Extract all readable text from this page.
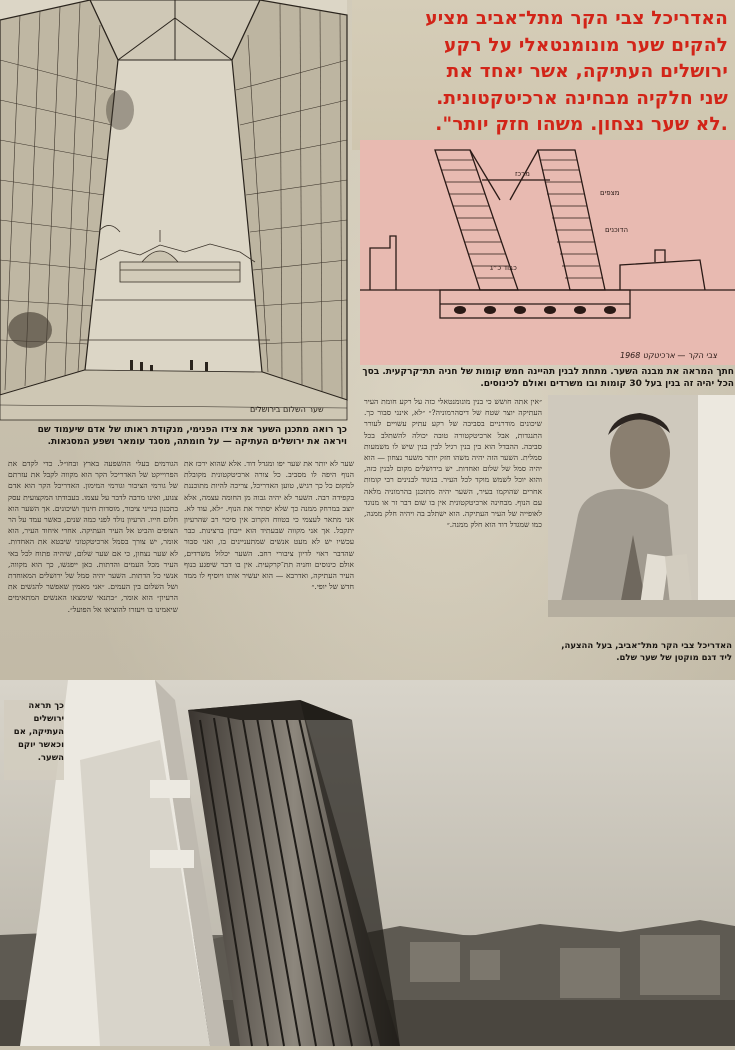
שער השלום בירושלים
האדריכל צבי הקר מתל־אביב מציע
להקים שער מונומנטאלי על רקע
ירושלים העתיקה, אשר יאחד את
שני חלקיה מבחינה ארכיטקטונית.
.לא שער נצחון. משהו חזק יותר".
מצפים
הדוכנים
כבוד כ״ג
מרכז
צבי הקר — ארכיטקט 1968
חתך המראה את מבנה השער. מתחת לבנין תהיינה חמש קומות של חניה תת־קרקעית. בסך הכל יהיה זה בנין בעל 30 קומות ובו משרדים ואולם לכינוסים.
כך רואה מתכנן השער את צידו הפנימי, מנקודת ראותו של אדם שיעמוד שם
ויראה את ירושלים העתיקה — על חומתה, מסגד עומאר ושפע המסגאות.
״אין אתה חושש כי בנין מונומנטאלי כזה על רקע חומת העיר העתיקה יוצר שטח של דיסהרמוניה?״ ״לא, אינני סבור כך. שיכונים מודרניים בסביבה של רקע עתיק עשויים לעורר התנגדות, אבל ארכיטקטורה טובה יכולה להשתלב בכל סביבה. ההבדל הוא בין בנין רגיל לבין בנין שיש לו משמעות סמלית. השער הזה יהיה משהו חזק יותר משער נצחון — הוא יהיה סמל של שלום ואחדות. יש בירושלים מקום לבנין כזה, והוא יוכל לשמש מוקד לכל העיר. בניגוד לבנינים רבי קומות אחרים שהוקמו בעיר, השער יהיה מתוכנן בהרמוניה מלאה עם הנוף. מבחינה ארכיטקטונית אין בו שום דבר זר או מנוגד לאופייה של העיר העתיקה. הוא ישתלב בה ויהיה חלק ממנה, כמו שמגדל דוד הוא חלק ממנה.״
האדריכל צבי הקר מתל־אביב, בעל ההצעה, ליד דגם מוקטן של שער שלם.
שער לא יותר את שער יפו ומגדל דוד. אלא שהוא ירכז את הנוף היפה לו מסביב. כל צורה ארכיטקטונית מקובלת למקום כל כך רגיש, טוען האדריכל, צריכה להיות מתוכננת בקפידה רבה. השער לא יהיה גבוה מן החומה עצמה, אלא יוצב במרחק ממנה כך שלא יסתיר את הנוף. ״לא, עוד לא. אני מתאר לעצמי כי בטווח הקרוב אין סיכוי רב שהרעיון יתקבל. אך אני מקווה שבעתיד הוא ייבחן ברצינות. כבר עכשיו יש לא מעט אנשים שמתעניינים בו, ואני סבור שהדבר ראוי לדיון ציבורי רחב. השער יכלול משרדים, אולם כינוסים וחניה תת־קרקעית. אין בו דבר שיפגע בנוף העיר העתיקה, ואדרבא — הוא יעשיר אותו ויוסיף לו ממד חדש של יופי.״
הגורמים בעלי ההשפעה בארץ ובחו״ל. כדי לקדם את הפרוייקט של האדריכל הקר הוא מקווה לקבל את עזרתם של גורמי הציבור וגורמי המימון. האדריכל הקר הוא אדם צנוע, ואינו מרבה לדבר על עצמו. בעבודתו המקצועית עסק בתכנון בנייני ציבור, מוסדות חינוך ושיכונים. אך השער הוא חלום חייו. הרעיון נולד לפני כמה שנים, כאשר עמד על הר הצופים והביט אל העיר העתיקה. אחרי איחוד העיר, הוא אומר, יש צורך בסמל ארכיטקטוני שיבטא את האחדות. לא שער נצחון, כי אם שער שלום, שיהיה פתוח לכל באי העיר מכל העמים והדתות. כאן ייפגשו, כך הוא מקווה, אנשי כל הדתות. השער יהיה סמל של ירושלים המאוחדת ושל השלום בין העמים. ״אני מאמין שאפשר להגשים את הרעיון״ הוא אומר, ״בתנאי שימצאו האנשים המתאימים שיאמינו בו ויעזרו להוציאו אל הפועל״.
כך תראה ירושלים העתיקה, אם וכאשר יוקם השער.
